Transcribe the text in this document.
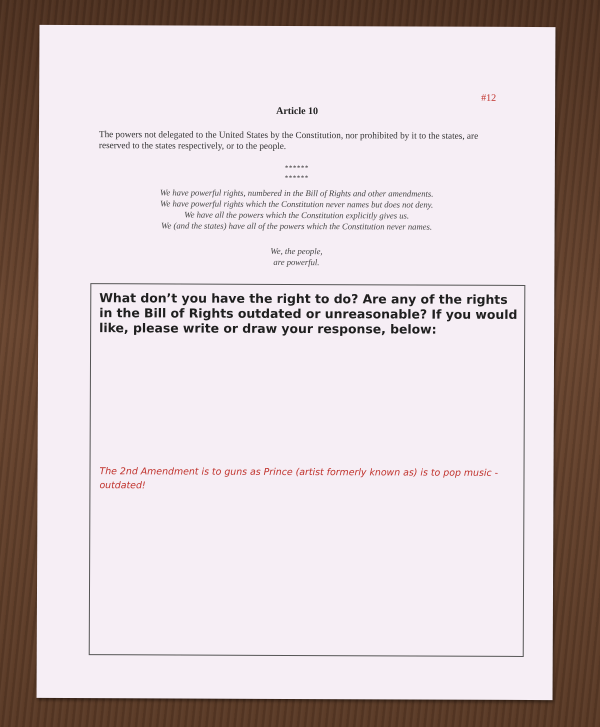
#12
Article 10
The powers not delegated to the United States by the Constitution, nor prohibited by it to the states, are reserved to the states respectively, or to the people.
******
******
We have powerful rights, numbered in the Bill of Rights and other amendments.
We have powerful rights which the Constitution never names but does not deny.
We have all the powers which the Constitution explicitly gives us.
We (and the states) have all of the powers which the Constitution never names.
We, the people,
are powerful.
What don’t you have the right to do? Are any of the rights in the Bill of Rights outdated or unreasonable? If you would like, please write or draw your response, below:
The 2nd Amendment is to guns as Prince (artist formerly known as) is to pop music - outdated!
